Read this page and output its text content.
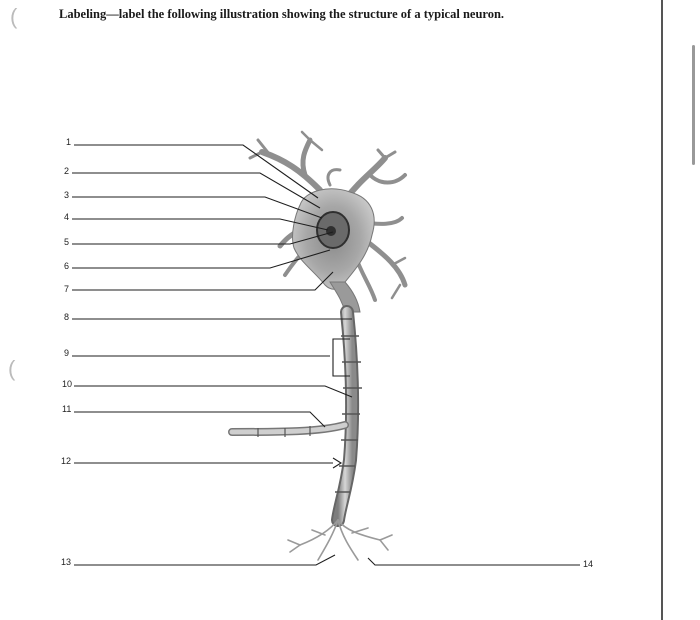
Labeling—label the following illustration showing the structure of a typical neuron.
(
(
1
2
3
4
5
6
7
8
9
10
11
12
13	14
